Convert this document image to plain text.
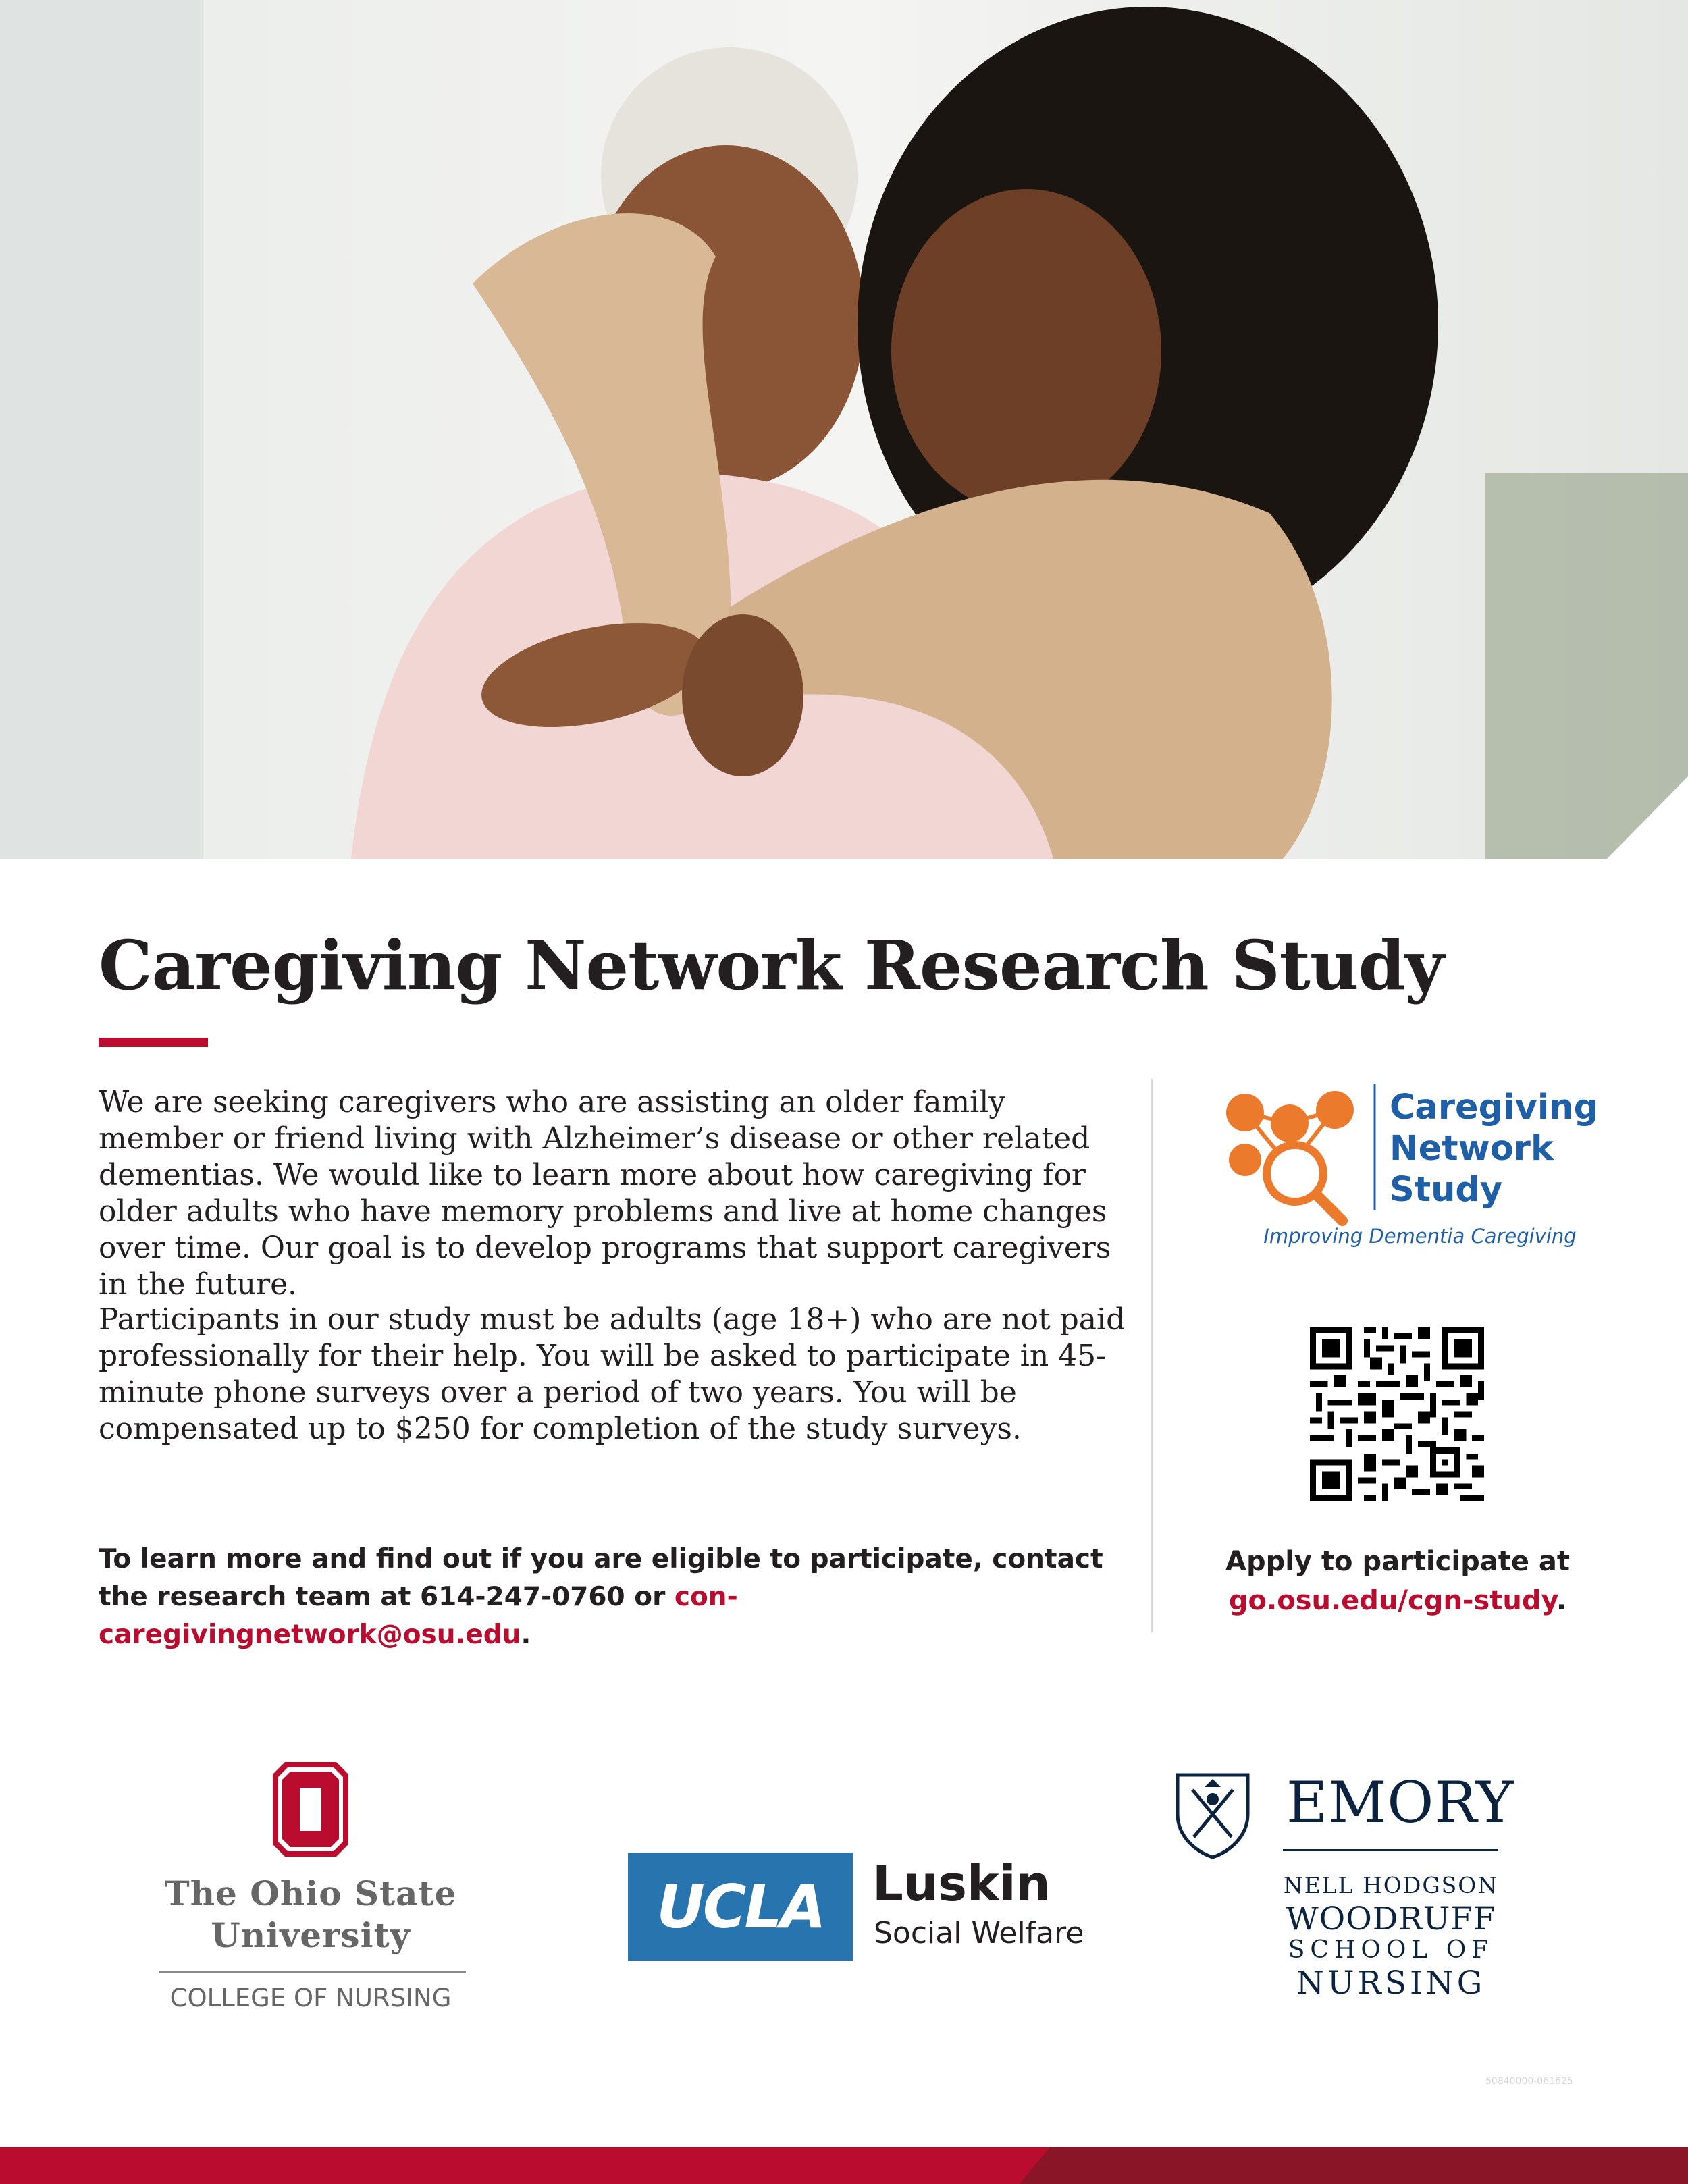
Caregiving Network Research Study

We are seeking caregivers who are assisting an older family member or friend living with Alzheimer’s disease or other related dementias. We would like to learn more about how caregiving for older adults who have memory problems and live at home changes over time. Our goal is to develop programs that support caregivers in the future.

Participants in our study must be adults (age 18+) who are not paid professionally for their help. You will be asked to participate in 45-minute phone surveys over a period of two years. You will be compensated up to $250 for completion of the study surveys.

To learn more and find out if you are eligible to participate, contact the research team at 614-247-0760 or con-caregivingnetwork@osu.edu.

Caregiving
Network
Study

Improving Dementia Caregiving

Apply to participate at
go.osu.edu/cgn-study.

The Ohio State
University

COLLEGE OF NURSING

UCLA Luskin

Social Welfare

EMORY

NELL HODGSON

WOODRUFF

SCHOOL OF

NURSING

50840000-061625
